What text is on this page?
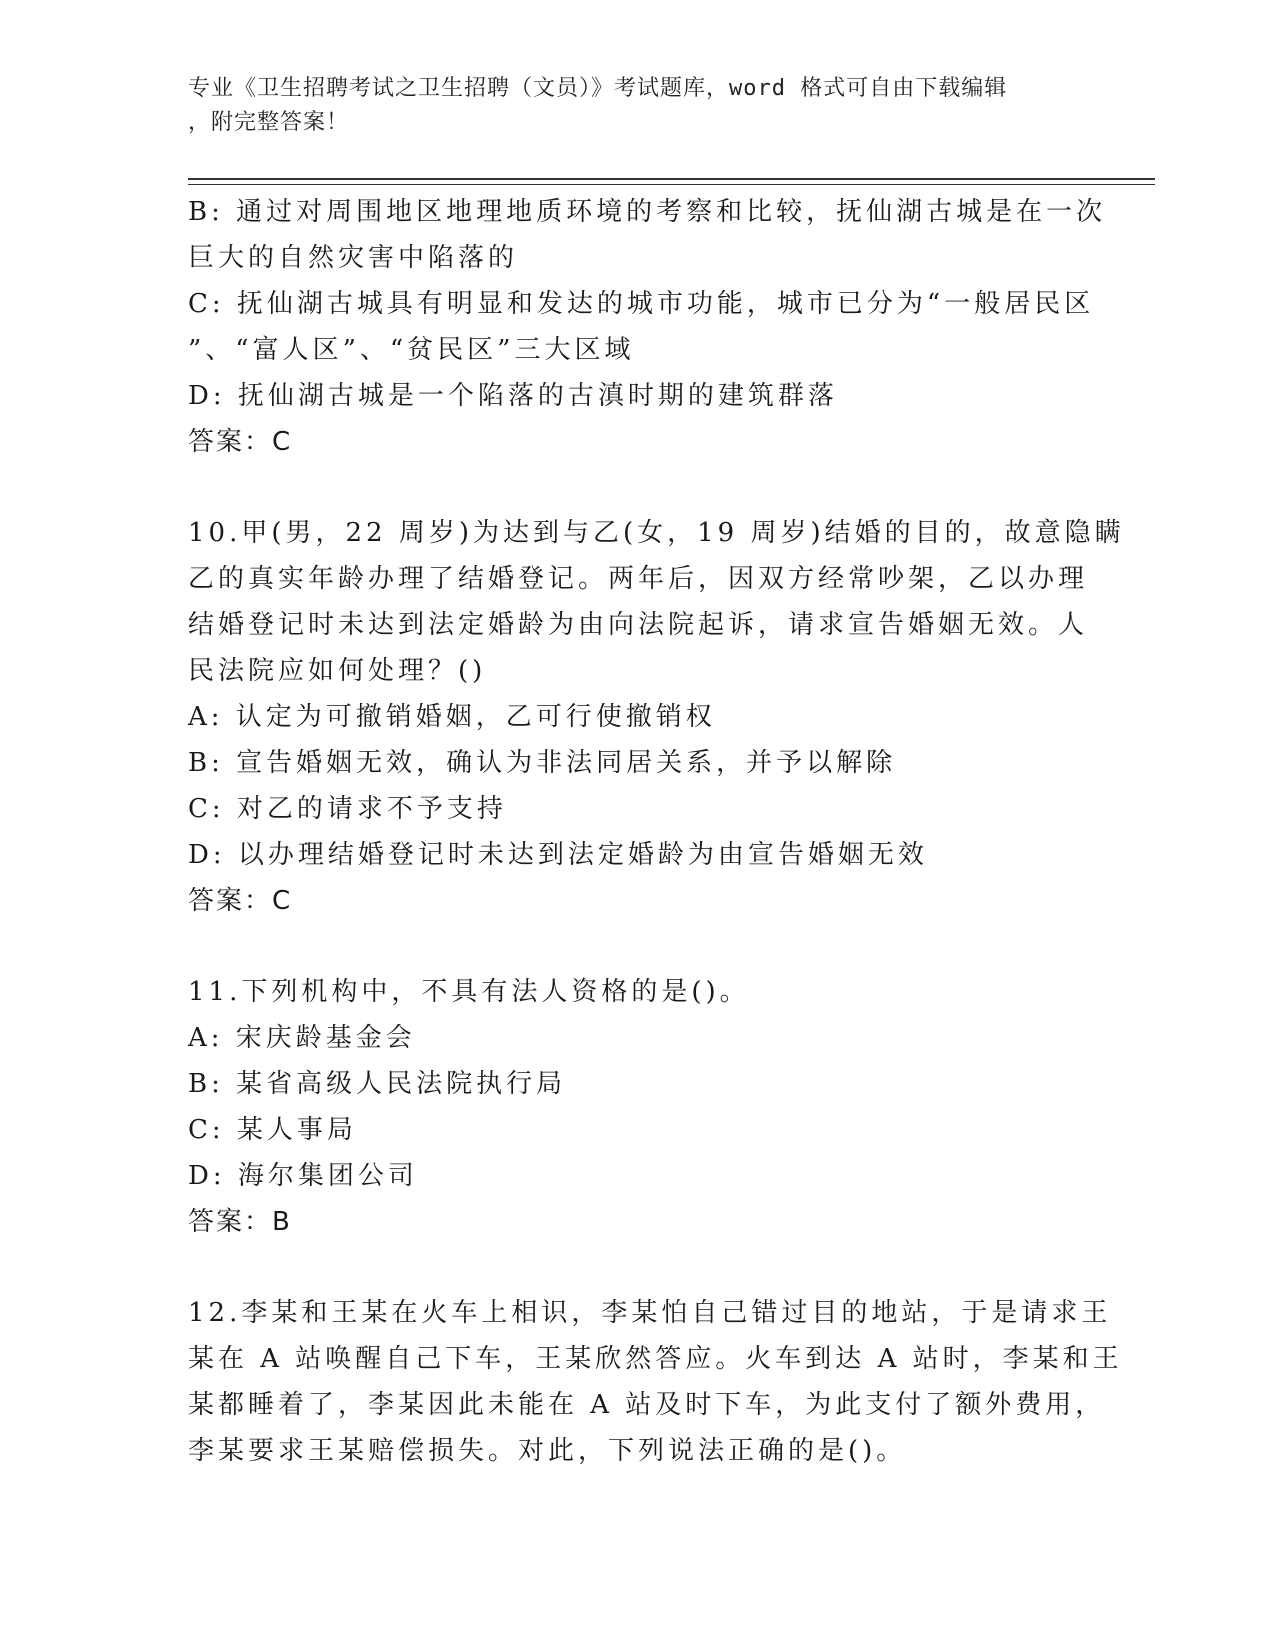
专业《卫生招聘考试之卫生招聘（文员）》考试题库，word 格式可自由下载编辑
，附完整答案！
B: 通过对周围地区地理地质环境的考察和比较，抚仙湖古城是在一次
巨大的自然灾害中陷落的
C: 抚仙湖古城具有明显和发达的城市功能，城市已分为“一般居民区
”、“富人区”、“贫民区”三大区域
D: 抚仙湖古城是一个陷落的古滇时期的建筑群落
答案：C
10.甲(男，22 周岁)为达到与乙(女，19 周岁)结婚的目的，故意隐瞒
乙的真实年龄办理了结婚登记。两年后，因双方经常吵架，乙以办理
结婚登记时未达到法定婚龄为由向法院起诉，请求宣告婚姻无效。人
民法院应如何处理？()
A: 认定为可撤销婚姻，乙可行使撤销权
B: 宣告婚姻无效，确认为非法同居关系，并予以解除
C: 对乙的请求不予支持
D: 以办理结婚登记时未达到法定婚龄为由宣告婚姻无效
答案：C
11.下列机构中，不具有法人资格的是()。
A: 宋庆龄基金会
B: 某省高级人民法院执行局
C: 某人事局
D: 海尔集团公司
答案：B
12.李某和王某在火车上相识，李某怕自己错过目的地站，于是请求王
某在 A 站唤醒自己下车，王某欣然答应。火车到达 A 站时，李某和王
某都睡着了，李某因此未能在 A 站及时下车，为此支付了额外费用，
李某要求王某赔偿损失。对此，下列说法正确的是()。
